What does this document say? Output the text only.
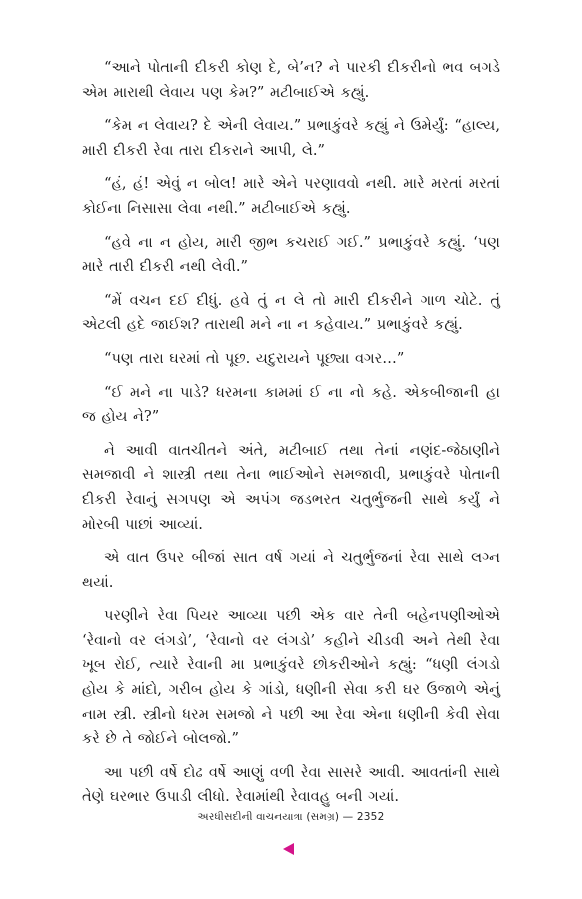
“આને પોતાની દીકરી કોણ દે, બે’ન? ને પારકી દીકરીનો ભવ બગડે એમ મારાથી લેવાય પણ કેમ?” મટીબાઈએ કહ્યું.

“કેમ ન લેવાય? દે એની લેવાય.” પ્રભાકુંવરે કહ્યું ને ઉમેર્યું: “હાલ્ય, મારી દીકરી રેવા તારા દીકરાને આપી, લે.”

“હં, હં! એવું ન બોલ! મારે એને પરણાવવો નથી. મારે મરતાં મરતાં કોઈના નિસાસા લેવા નથી.” મટીબાઈએ કહ્યું.

“હવે ના ન હોય, મારી જીભ કચરાઈ ગઈ.” પ્રભાકુંવરે કહ્યું. ‘પણ મારે તારી દીકરી નથી લેવી.”

“મેં વચન દઈ દીધું. હવે તું ન લે તો મારી દીકરીને ગાળ ચોટે. તું એટલી હદે જાઈશ? તારાથી મને ના ન કહેવાય.” પ્રભાકુંવરે કહ્યું.

“પણ તારા ઘરમાં તો પૂછ. યદુરાયને પૂછ્યા વગર…”

“ઈ મને ના પાડે? ધરમના કામમાં ઈ ના નો કહે. એકબીજાની હા જ હોય ને?”

ને આવી વાતચીતને અંતે, મટીબાઈ તથા તેનાં નણંદ-જેઠાણીને સમજાવી ને શાસ્ત્રી તથા તેના ભાઈઓને સમજાવી, પ્રભાકુંવરે પોતાની દીકરી રેવાનું સગપણ એ અપંગ જડભરત ચતુર્ભુજની સાથે કર્યું ને મોરબી પાછાં આવ્યાં.

એ વાત ઉપર બીજાં સાત વર્ષ ગયાં ને ચતુર્ભુજનાં રેવા સાથે લગ્ન થયાં.

પરણીને રેવા પિયર આવ્યા પછી એક વાર તેની બહેનપણીઓએ ‘રેવાનો વર લંગડો’, ‘રેવાનો વર લંગડો’ કહીને ચીડવી અને તેથી રેવા ખૂબ રોઈ, ત્યારે રેવાની મા પ્રભાકુંવરે છોકરીઓને કહ્યું: “ધણી લંગડો હોય કે માંદો, ગરીબ હોય કે ગાંડો, ધણીની સેવા કરી ઘર ઉજાળે એનું નામ સ્ત્રી. સ્ત્રીનો ધરમ સમજો ને પછી આ રેવા એના ધણીની કેવી સેવા કરે છે તે જોઈને બોલજો.”

આ પછી વર્ષે દોઢ વર્ષે આણું વળી રેવા સાસરે આવી. આવતાંની સાથે તેણે ઘરભાર ઉપાડી લીધો. રેવામાંથી રેવાવહુ બની ગયાં.

અરધીસદીની વાચનયાત્રા (સમગ્ર) — 2352
